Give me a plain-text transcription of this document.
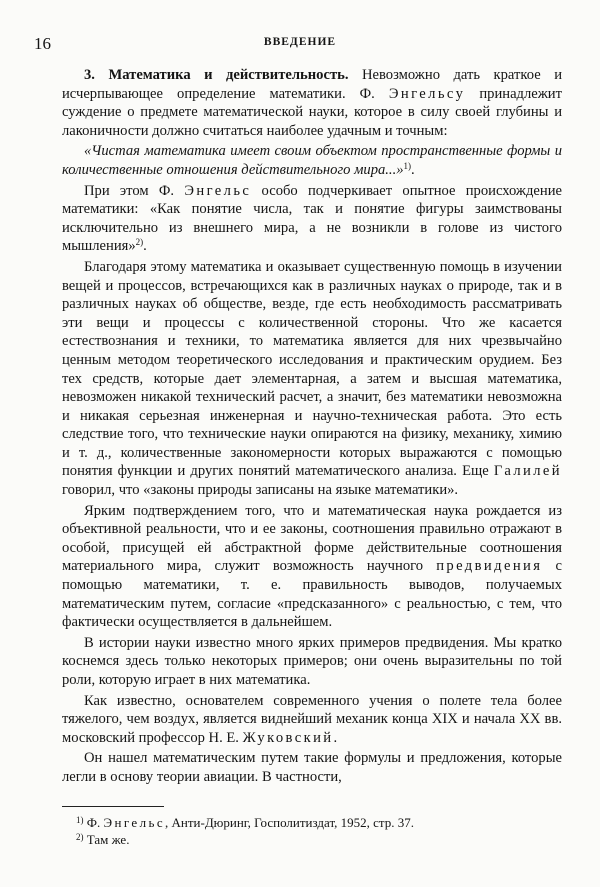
16	ВВЕДЕНИЕ

3. Математика и действительность. Невозможно дать краткое и исчерпывающее определение математики. Ф. Энгельсу принадлежит суждение о предмете математической науки, которое в силу своей глубины и лаконичности должно считаться наиболее удачным и точным:

«Чистая математика имеет своим объектом пространственные формы и количественные отношения действительного мира...»$^{1)}$.

При этом Ф. Энгельс особо подчеркивает опытное происхождение математики: «Как понятие числа, так и понятие фигуры заимствованы исключительно из внешнего мира, а не возникли в голове из чистого мышления»$^{2)}$.

Благодаря этому математика и оказывает существенную помощь в изучении вещей и процессов, встречающихся как в различных науках о природе, так и в различных науках об обществе, везде, где есть необходимость рассматривать эти вещи и процессы с количественной стороны. Что же касается естествознания и техники, то математика является для них чрезвычайно ценным методом теоретического исследования и практическим орудием. Без тех средств, которые дает элементарная, а затем и высшая математика, невозможен никакой технический расчет, а значит, без математики невозможна и никакая серьезная инженерная и научно-техническая работа. Это есть следствие того, что технические науки опираются на физику, механику, химию и т. д., количественные закономерности которых выражаются с помощью понятия функции и других понятий математического анализа. Еще Галилей говорил, что «законы природы записаны на языке математики».

Ярким подтверждением того, что и математическая наука рождается из объективной реальности, что и ее законы, соотношения правильно отражают в особой, присущей ей абстрактной форме действительные соотношения материального мира, служит возможность научного предвидения с помощью математики, т. е. правильность выводов, получаемых математическим путем, согласие «предсказанного» с реальностью, с тем, что фактически осуществляется в дальнейшем.

В истории науки известно много ярких примеров предвидения. Мы кратко коснемся здесь только некоторых примеров; они очень выразительны по той роли, которую играет в них математика.

Как известно, основателем современного учения о полете тела более тяжелого, чем воздух, является виднейший механик конца XIX и начала XX вв. московский профессор Н. Е. Жуковский.

Он нашел математическим путем такие формулы и предложения, которые легли в основу теории авиации. В частности,

$^{1)}$ Ф. Энгельс, Анти-Дюринг, Госполитиздат, 1952, стр. 37.
$^{2)}$ Там же.
